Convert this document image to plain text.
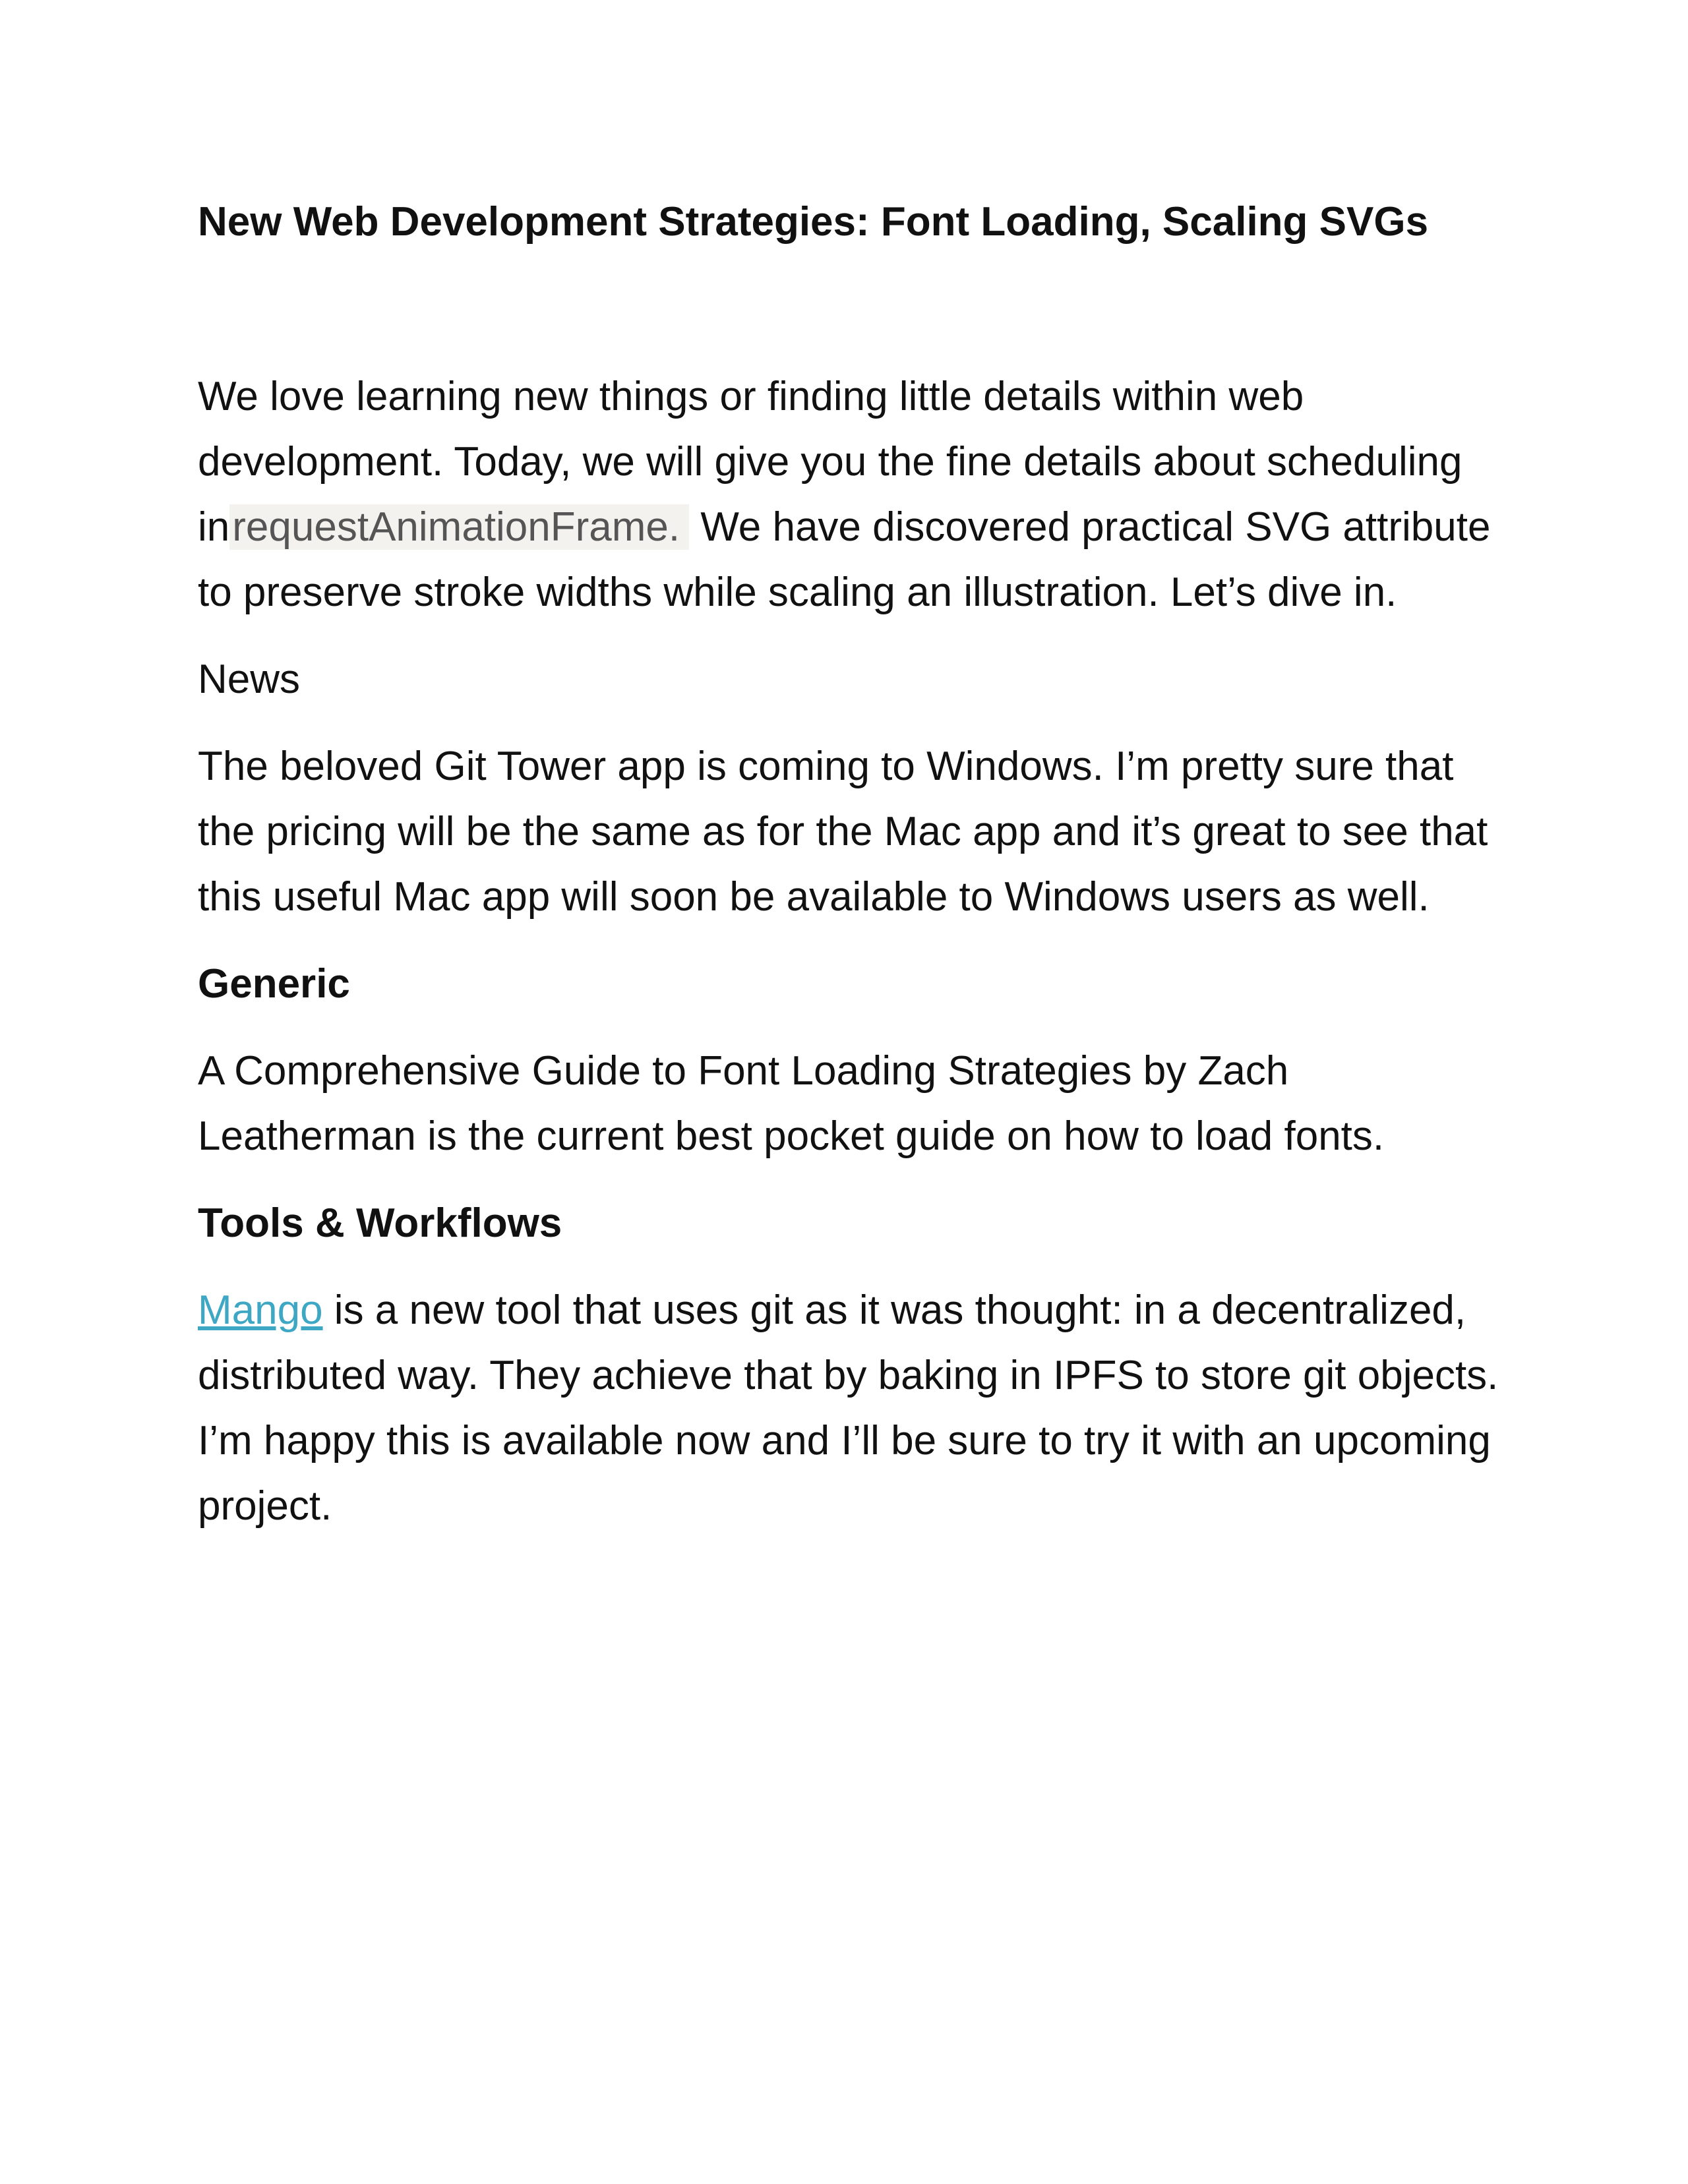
New Web Development Strategies: Font Loading, Scaling SVGs

We love learning new things or finding little details within web development. Today, we will give you the fine details about scheduling inrequestAnimationFrame. We have discovered practical SVG attribute to preserve stroke widths while scaling an illustration. Let’s dive in.

News

The beloved Git Tower app is coming to Windows. I’m pretty sure that the pricing will be the same as for the Mac app and it’s great to see that this useful Mac app will soon be available to Windows users as well.

Generic

A Comprehensive Guide to Font Loading Strategies by Zach Leatherman is the current best pocket guide on how to load fonts.

Tools & Workflows

Mango is a new tool that uses git as it was thought: in a decentralized, distributed way. They achieve that by baking in IPFS to store git objects. I’m happy this is available now and I’ll be sure to try it with an upcoming project.
